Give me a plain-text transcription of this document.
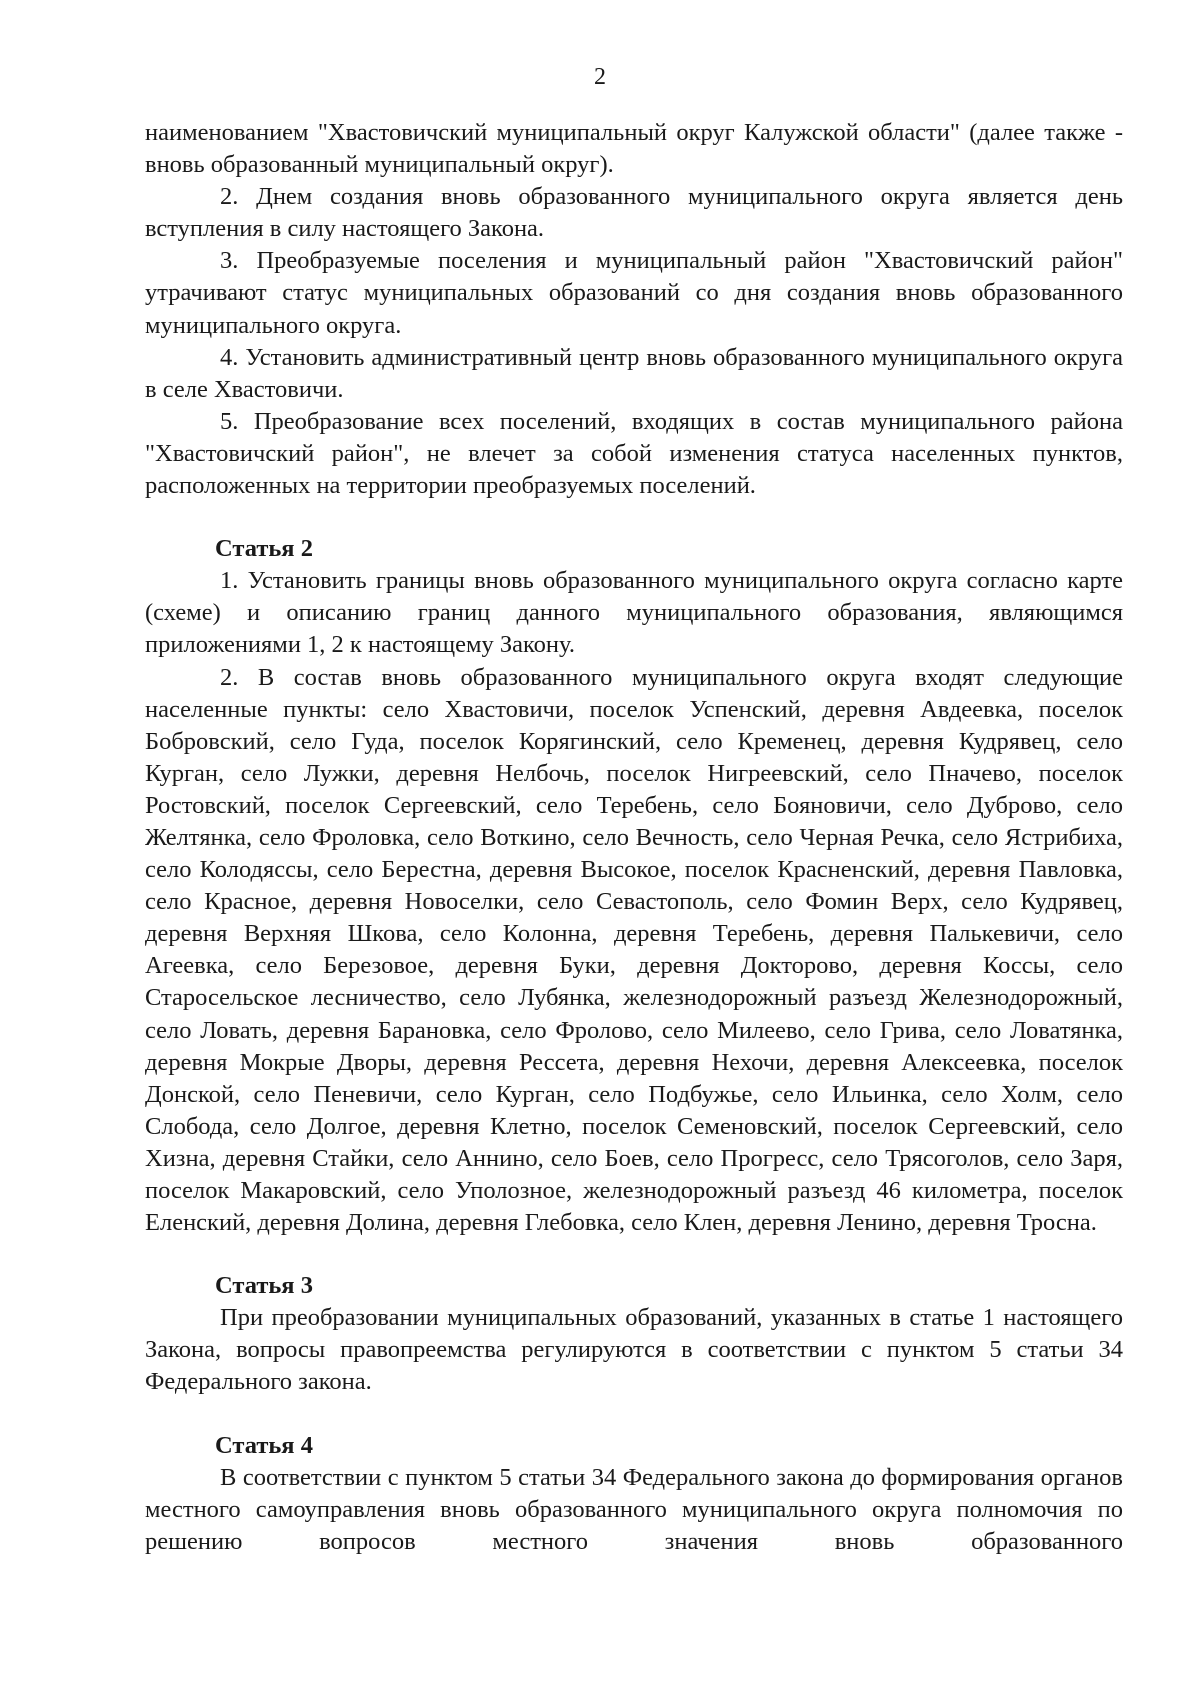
2

наименованием "Хвастовичский муниципальный округ Калужской области" (далее также - вновь образованный муниципальный округ).

2. Днем создания вновь образованного муниципального округа является день вступления в силу настоящего Закона.

3. Преобразуемые поселения и муниципальный район "Хвастовичский район" утрачивают статус муниципальных образований со дня создания вновь образованного муниципального округа.

4. Установить административный центр вновь образованного муниципального округа в селе Хвастовичи.

5. Преобразование всех поселений, входящих в состав муниципального района "Хвастовичский район", не влечет за собой изменения статуса населенных пунктов, расположенных на территории преобразуемых поселений.

Статья 2

1. Установить границы вновь образованного муниципального округа согласно карте (схеме) и описанию границ данного муниципального образования, являющимся приложениями 1, 2 к настоящему Закону.

2. В состав вновь образованного муниципального округа входят следующие населенные пункты: село Хвастовичи, поселок Успенский, деревня Авдеевка, поселок Бобровский, село Гуда, поселок Корягинский, село Кременец, деревня Кудрявец, село Курган, село Лужки, деревня Нелбочь, поселок Нигреевский, село Пначево, поселок Ростовский, поселок Сергеевский, село Теребень, село Бояновичи, село Дуброво, село Желтянка, село Фроловка, село Воткино, село Вечность, село Черная Речка, село Ястрибиха, село Колодяссы, село Берестна, деревня Высокое, поселок Красненский, деревня Павловка, село Красное, деревня Новоселки, село Севастополь, село Фомин Верх, село Кудрявец, деревня Верхняя Шкова, село Колонна, деревня Теребень, деревня Палькевичи, село Агеевка, село Березовое, деревня Буки, деревня Докторово, деревня Коссы, село Старосельское лесничество, село Лубянка, железнодорожный разъезд Железнодорожный, село Ловать, деревня Барановка, село Фролово, село Милеево, село Грива, село Ловатянка, деревня Мокрые Дворы, деревня Рессета, деревня Нехочи, деревня Алексеевка, поселок Донской, село Пеневичи, село Курган, село Подбужье, село Ильинка, село Холм, село Слобода, село Долгое, деревня Клетно, поселок Семеновский, поселок Сергеевский, село Хизна, деревня Стайки, село Аннино, село Боев, село Прогресс, село Трясоголов, село Заря, поселок Макаровский, село Уполозное, железнодорожный разъезд 46 километра, поселок Еленский, деревня Долина, деревня Глебовка, село Клен, деревня Ленино, деревня Тросна.

Статья 3

При преобразовании муниципальных образований, указанных в статье 1 настоящего Закона, вопросы правопреемства регулируются в соответствии с пунктом 5 статьи 34 Федерального закона.

Статья 4

В соответствии с пунктом 5 статьи 34 Федерального закона до формирования органов местного самоуправления вновь образованного муниципального округа полномочия по решению вопросов местного значения вновь образованного
